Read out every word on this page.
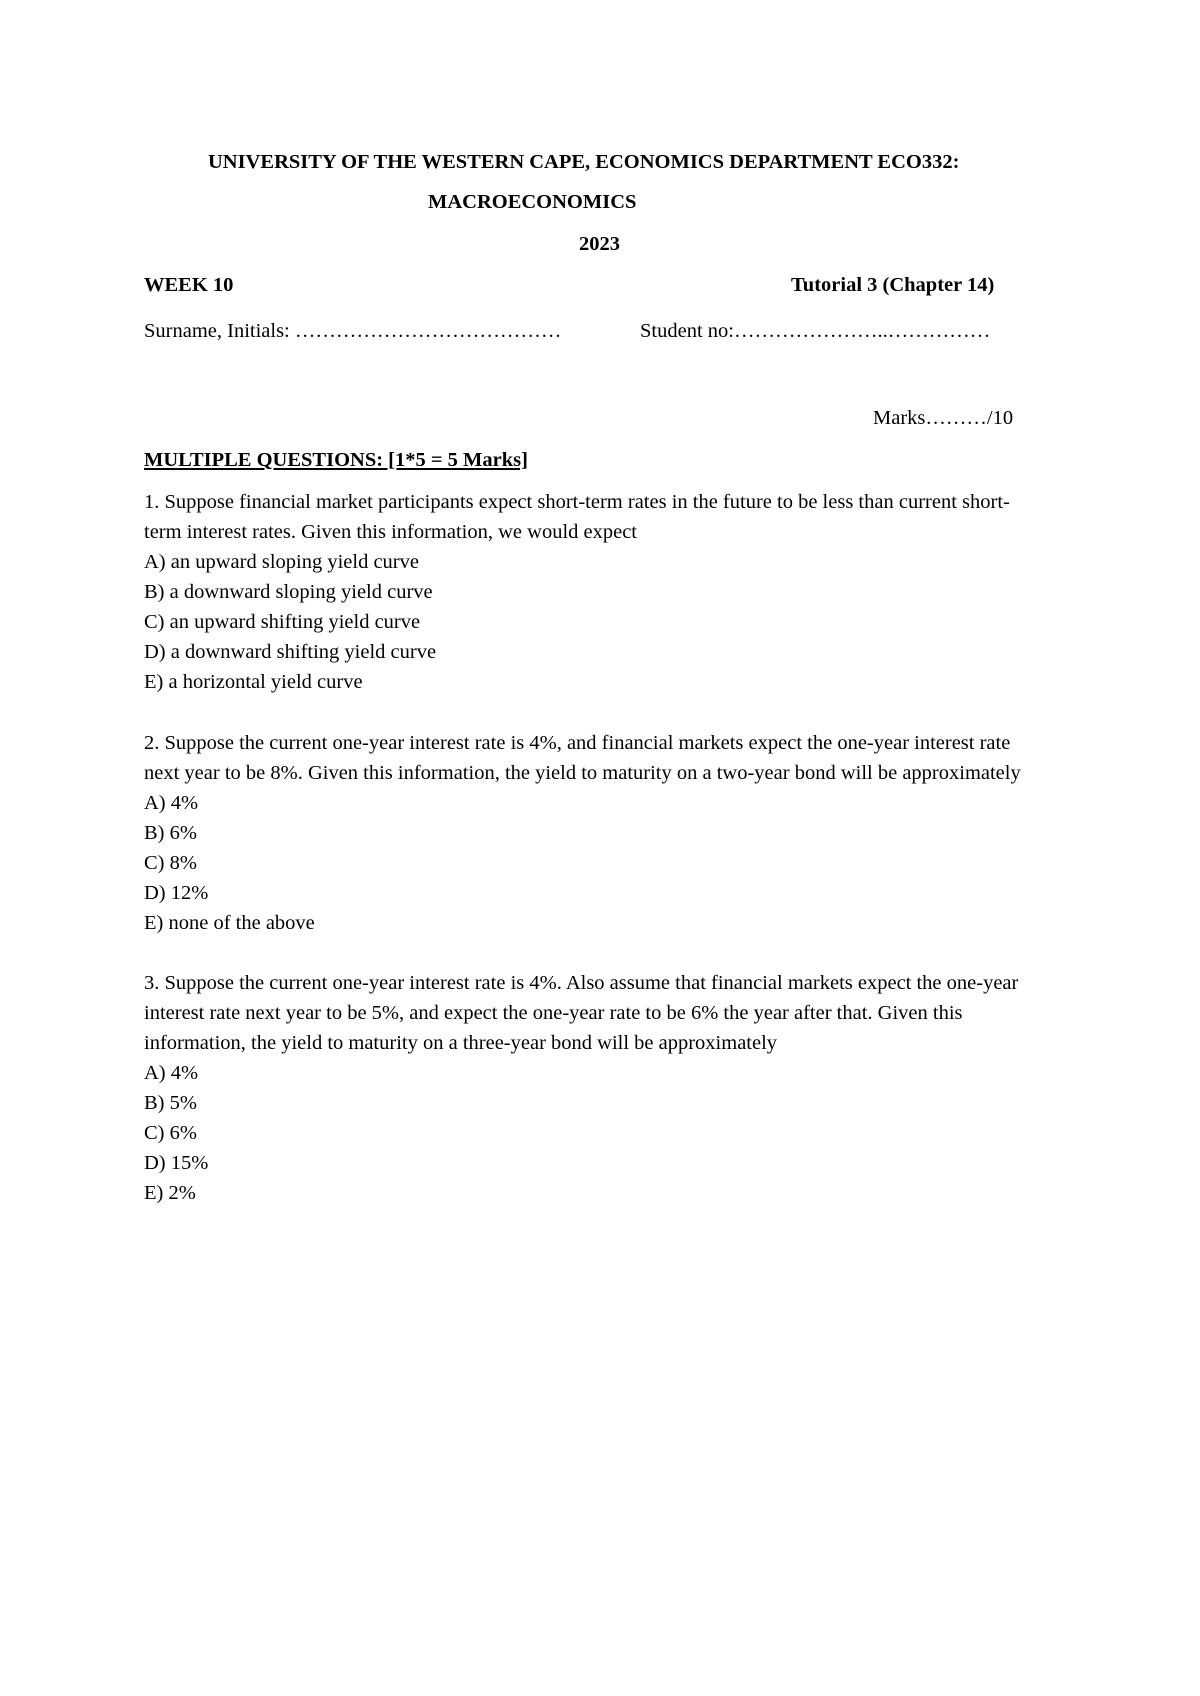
UNIVERSITY OF THE WESTERN CAPE, ECONOMICS DEPARTMENT ECO332:
MACROECONOMICS
2023
WEEK 10	Tutorial 3 (Chapter 14)
Surname, Initials: …………………………………	Student no:…………………..……………
Marks………/10
MULTIPLE QUESTIONS: [1*5 = 5 Marks]
1. Suppose financial market participants expect short-term rates in the future to be less than current short-
term interest rates. Given this information, we would expect
A) an upward sloping yield curve
B) a downward sloping yield curve
C) an upward shifting yield curve
D) a downward shifting yield curve
E) a horizontal yield curve
2. Suppose the current one-year interest rate is 4%, and financial markets expect the one-year interest rate
next year to be 8%. Given this information, the yield to maturity on a two-year bond will be approximately
A) 4%
B) 6%
C) 8%
D) 12%
E) none of the above
3. Suppose the current one-year interest rate is 4%. Also assume that financial markets expect the one-year
interest rate next year to be 5%, and expect the one-year rate to be 6% the year after that. Given this
information, the yield to maturity on a three-year bond will be approximately
A) 4%
B) 5%
C) 6%
D) 15%
E) 2%
